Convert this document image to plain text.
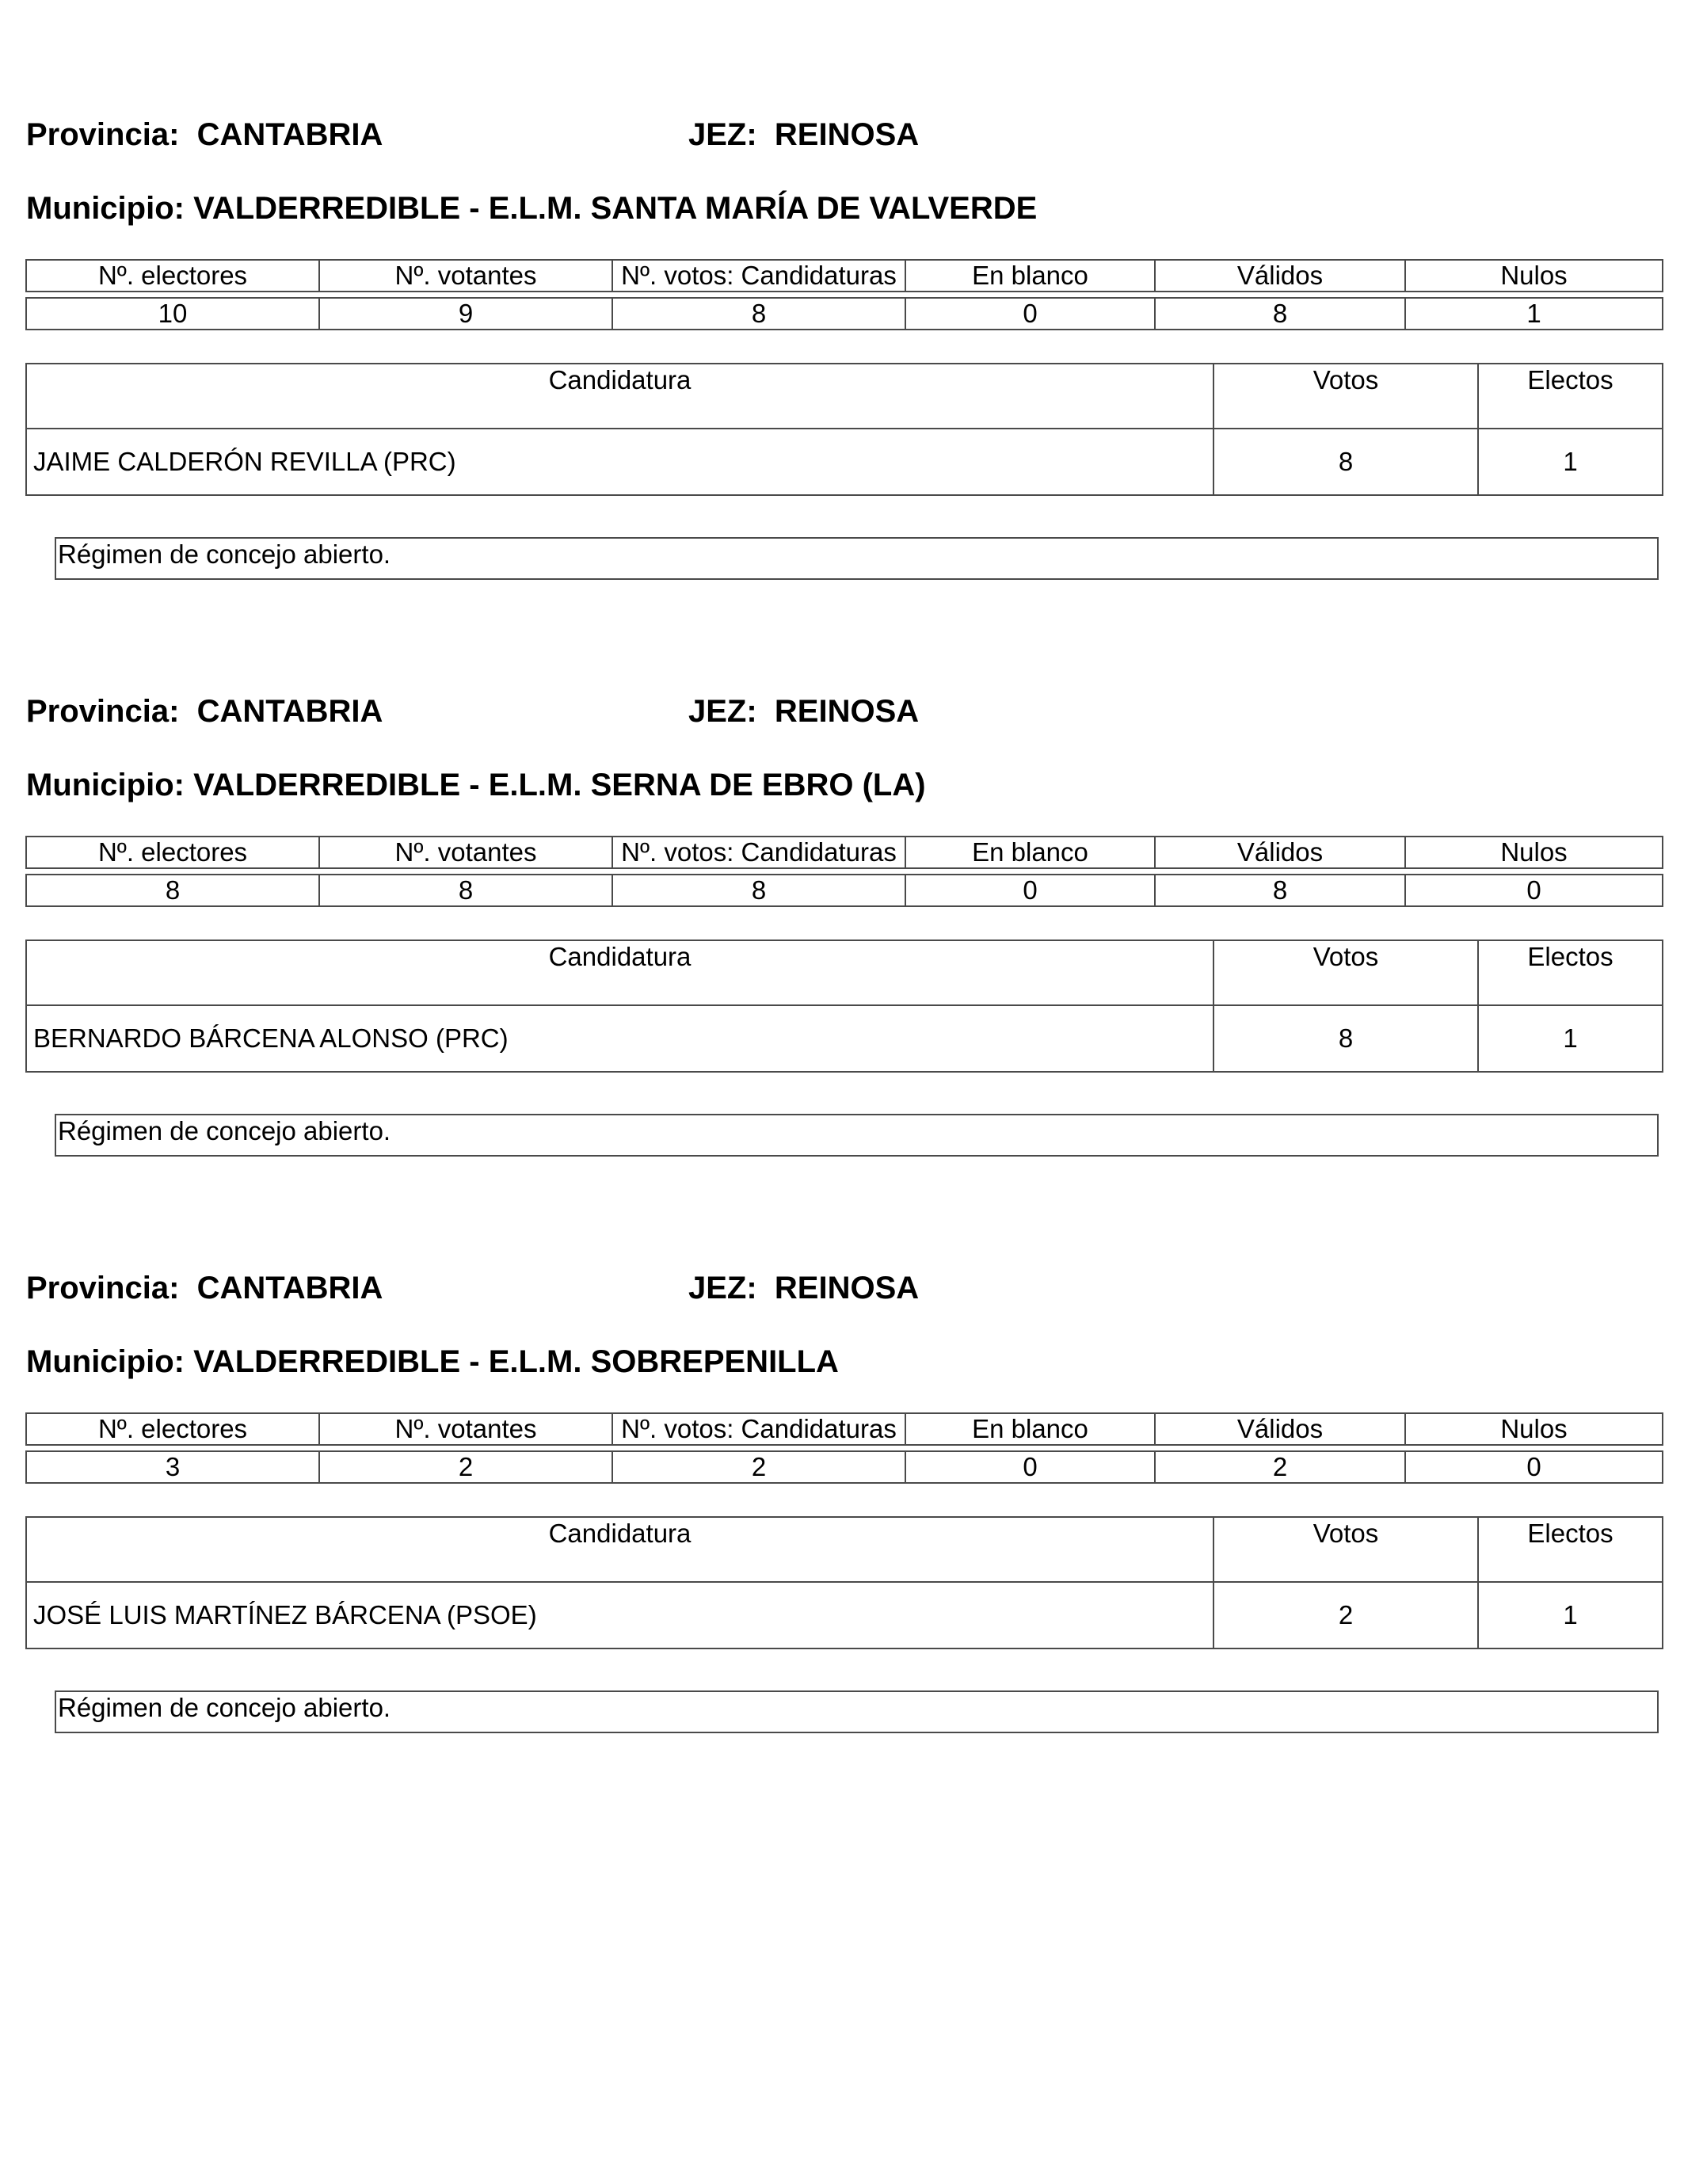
Provincia: CANTABRIA	JEZ: REINOSA
Municipio: VALDERREDIBLE - E.L.M. SANTA MARÍA DE VALVERDE
Nº. electores	Nº. votantes	Nº. votos: Candidaturas	En blanco	Válidos	Nulos

10	9	8	0	8	1
Candidatura	Votos	Electos
JAIME CALDERÓN REVILLA (PRC)	8	1
Régimen de concejo abierto.
Provincia: CANTABRIA	JEZ: REINOSA
Municipio: VALDERREDIBLE - E.L.M. SERNA DE EBRO (LA)
Nº. electores	Nº. votantes	Nº. votos: Candidaturas	En blanco	Válidos	Nulos

8	8	8	0	8	0
Candidatura	Votos	Electos
BERNARDO BÁRCENA ALONSO (PRC)	8	1
Régimen de concejo abierto.
Provincia: CANTABRIA	JEZ: REINOSA
Municipio: VALDERREDIBLE - E.L.M. SOBREPENILLA
Nº. electores	Nº. votantes	Nº. votos: Candidaturas	En blanco	Válidos	Nulos

3	2	2	0	2	0
Candidatura	Votos	Electos
JOSÉ LUIS MARTÍNEZ BÁRCENA (PSOE)	2	1
Régimen de concejo abierto.
